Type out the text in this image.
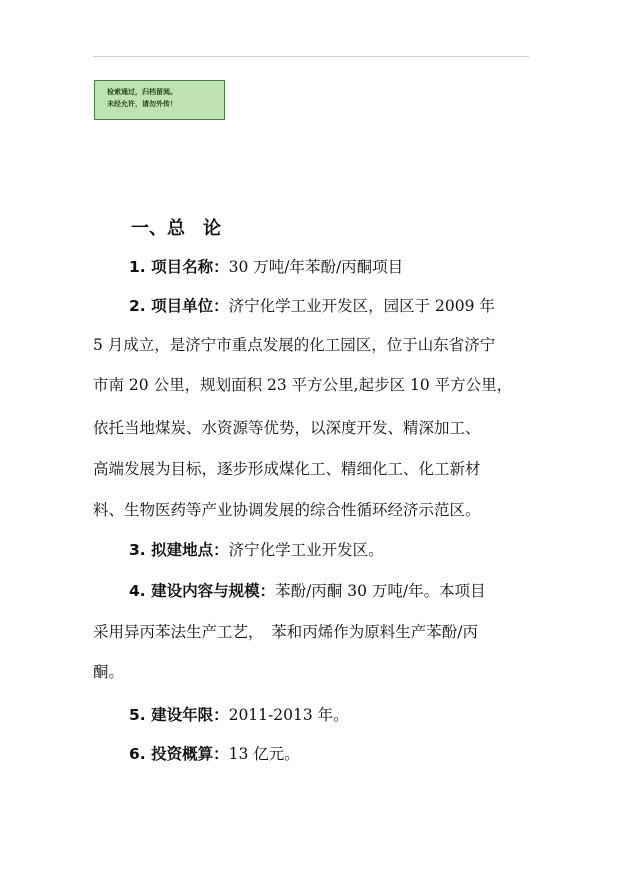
检索通过，归档留阅。
未经允许，请勿外传！
一、总 论
1. 项目名称：30 万吨/年苯酚/丙酮项目
2. 项目单位：济宁化学工业开发区，园区于 2009 年
5 月成立，是济宁市重点发展的化工园区，位于山东省济宁
市南 20 公里，规划面积 23 平方公里,起步区 10 平方公里，
依托当地煤炭、水资源等优势，以深度开发、精深加工、
高端发展为目标，逐步形成煤化工、精细化工、化工新材
料、生物医药等产业协调发展的综合性循环经济示范区。
3. 拟建地点：济宁化学工业开发区。
4. 建设内容与规模：苯酚/丙酮 30 万吨/年。本项目
采用异丙苯法生产工艺，　苯和丙烯作为原料生产苯酚/丙
酮。
5. 建设年限：2011-2013 年。
6. 投资概算：13 亿元。
